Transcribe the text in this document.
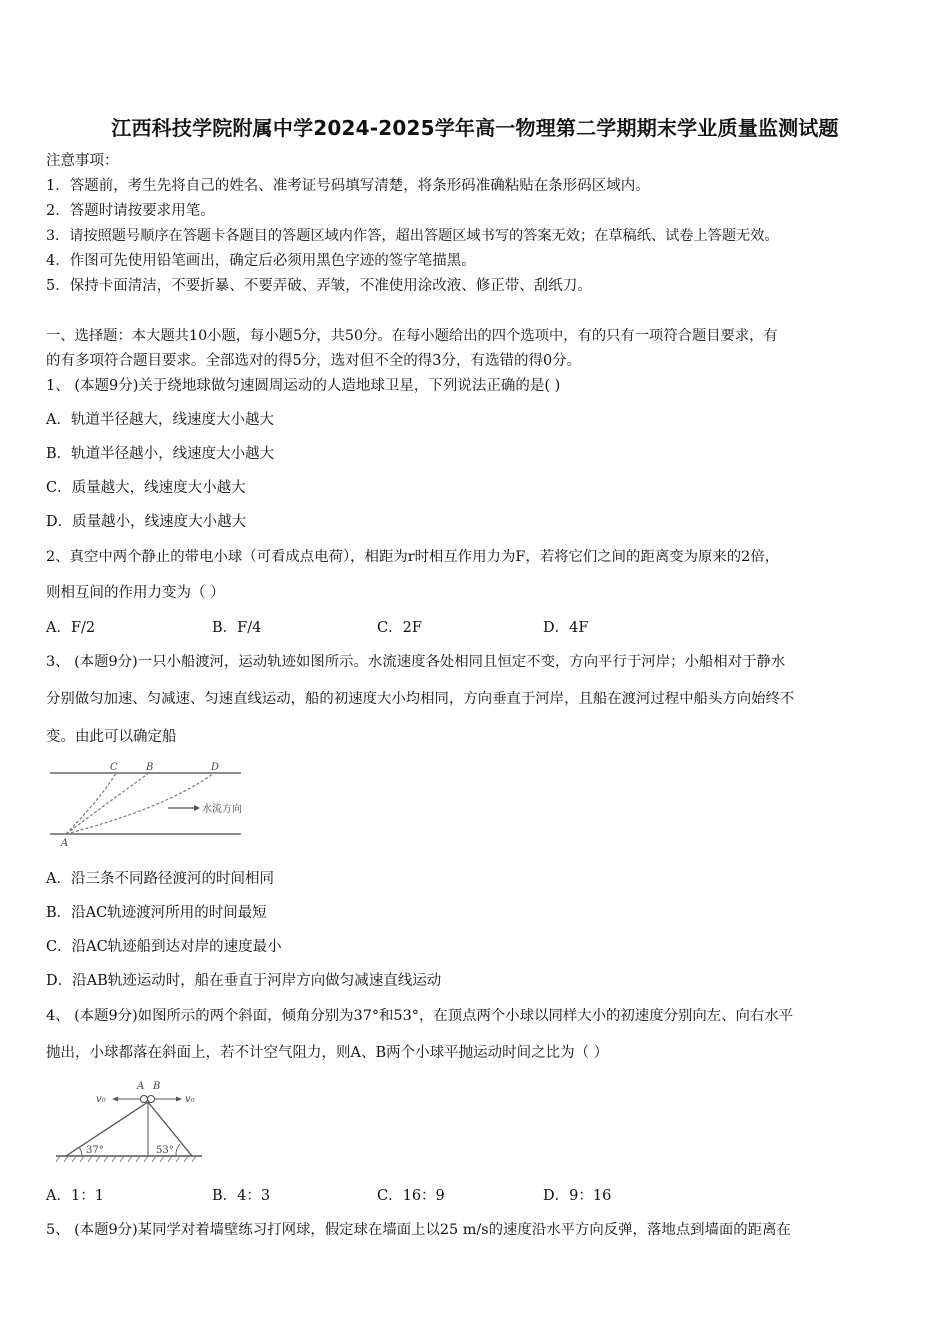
江西科技学院附属中学2024-2025学年高一物理第二学期期末学业质量监测试题
注意事项：
1．答题前，考生先将自己的姓名、准考证号码填写清楚，将条形码准确粘贴在条形码区域内。
2．答题时请按要求用笔。
3．请按照题号顺序在答题卡各题目的答题区域内作答，超出答题区域书写的答案无效；在草稿纸、试卷上答题无效。
4．作图可先使用铅笔画出，确定后必须用黑色字迹的签字笔描黑。
5．保持卡面清洁，不要折暴、不要弄破、弄皱，不准使用涂改液、修正带、刮纸刀。
一、选择题：本大题共10小题，每小题5分，共50分。在每小题给出的四个选项中，有的只有一项符合题目要求，有
的有多项符合题目要求。全部选对的得5分，选对但不全的得3分，有选错的得0分。
1、 (本题9分)关于绕地球做匀速圆周运动的人造地球卫星，下列说法正确的是( )
A．轨道半径越大，线速度大小越大
B．轨道半径越小，线速度大小越大
C．质量越大，线速度大小越大
D．质量越小，线速度大小越大
2、真空中两个静止的带电小球（可看成点电荷），相距为r时相互作用力为F，若将它们之间的距离变为原来的2倍，
则相互间的作用力变为（ ）
A．F/2	B．F/4	C．2F	D．4F
3、 (本题9分)一只小船渡河，运动轨迹如图所示。水流速度各处相同且恒定不变，方向平行于河岸；小船相对于静水
分别做匀加速、匀减速、匀速直线运动，船的初速度大小均相同，方向垂直于河岸，且船在渡河过程中船头方向始终不
变。由此可以确定船
C	B	D
A
水流方向
A．沿三条不同路径渡河的时间相同
B．沿AC轨迹渡河所用的时间最短
C．沿AC轨迹船到达对岸的速度最小
D．沿AB轨迹运动时，船在垂直于河岸方向做匀减速直线运动
4、 (本题9分)如图所示的两个斜面，倾角分别为37°和53°，在顶点两个小球以同样大小的初速度分别向左、向右水平
抛出，小球都落在斜面上，若不计空气阻力，则A、B两个小球平抛运动时间之比为（ ）
A B
v₀	v₀
37°	53°
A．1：1	B．4：3	C．16：9	D．9：16
5、 (本题9分)某同学对着墙壁练习打网球，假定球在墙面上以25 m/s的速度沿水平方向反弹，落地点到墙面的距离在
